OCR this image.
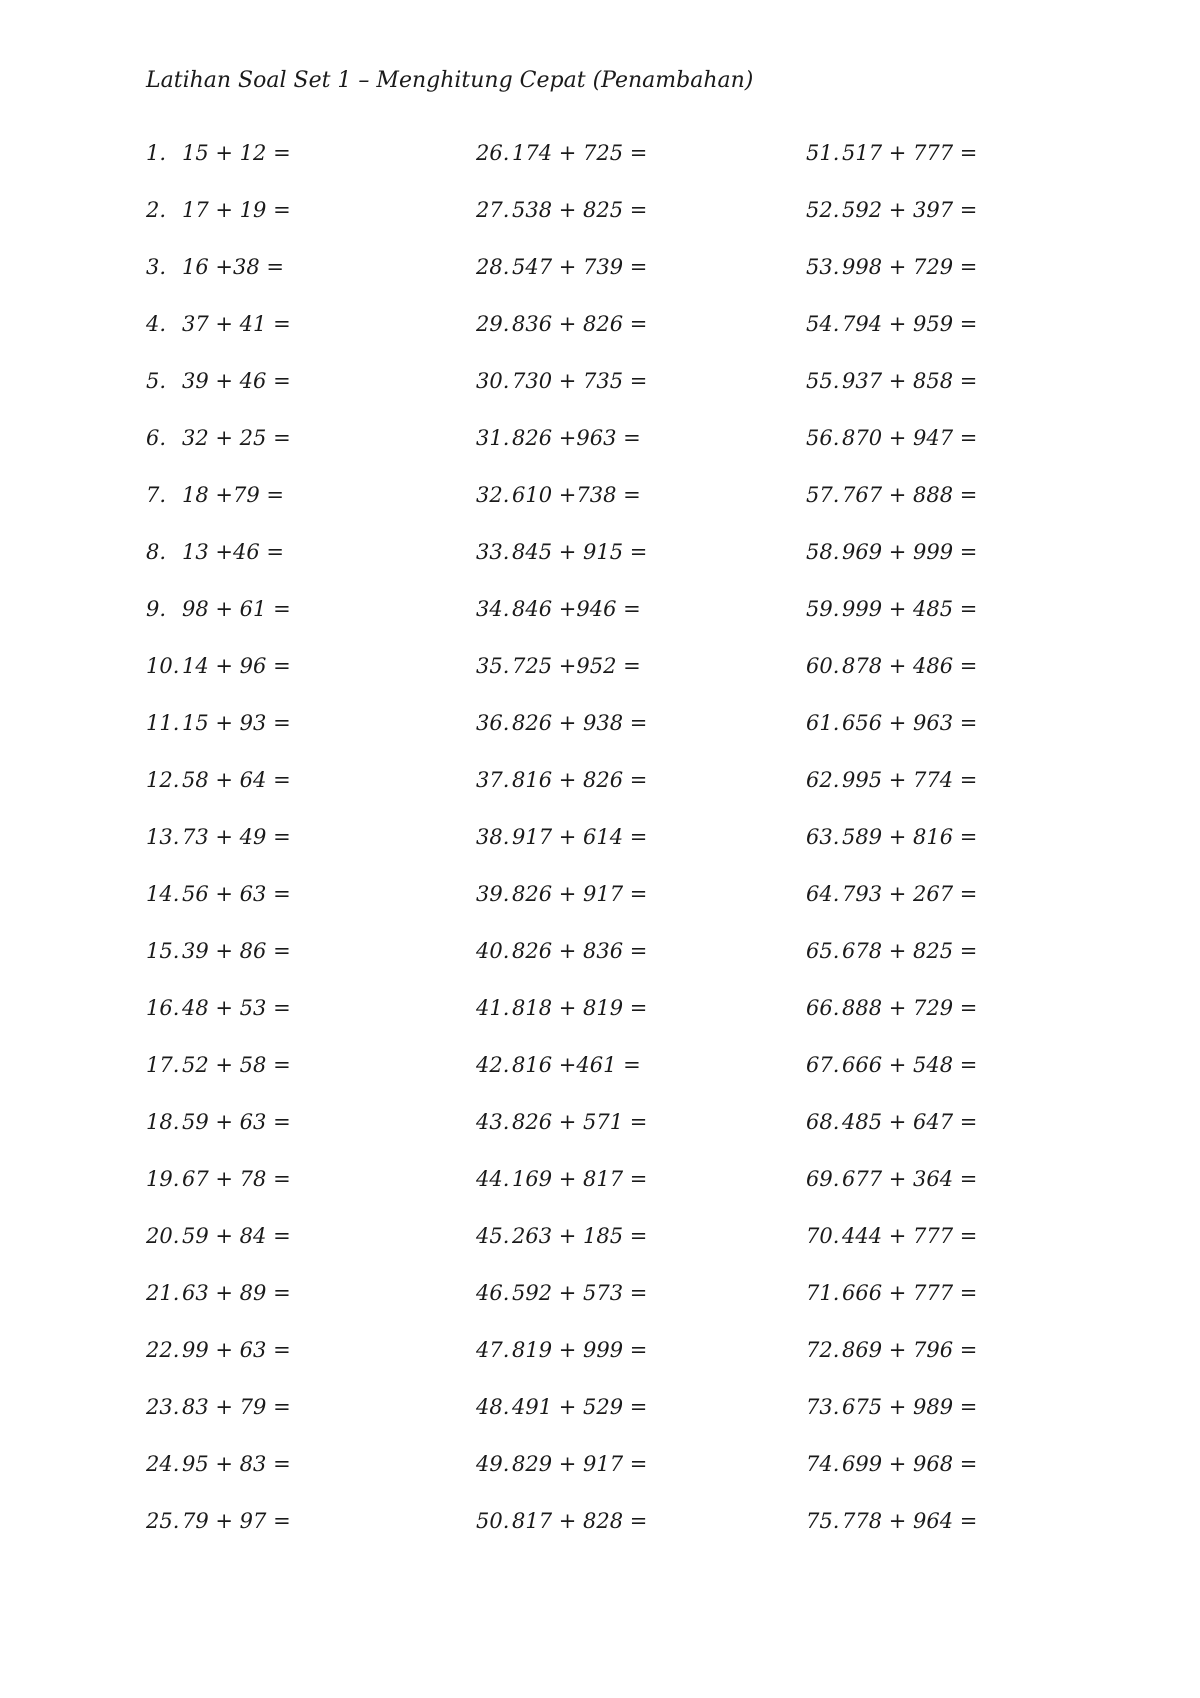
Latihan Soal Set 1 – Menghitung Cepat (Penambahan)
1. 15 + 12 =
2. 17 + 19 =
3. 16 +38 =
4. 37 + 41 =
5. 39 + 46 =
6. 32 + 25 =
7. 18 +79 =
8. 13 +46 =
9. 98 + 61 =
10. 14 + 96 =
11. 15 + 93 =
12. 58 + 64 =
13. 73 + 49 =
14. 56 + 63 =
15. 39 + 86 =
16. 48 + 53 =
17. 52 + 58 =
18. 59 + 63 =
19. 67 + 78 =
20. 59 + 84 =
21. 63 + 89 =
22. 99 + 63 =
23. 83 + 79 =
24. 95 + 83 =
25. 79 + 97 =
26. 174 + 725 =
27. 538 + 825 =
28. 547 + 739 =
29. 836 + 826 =
30. 730 + 735 =
31. 826 +963 =
32. 610 +738 =
33. 845 + 915 =
34. 846 +946 =
35. 725 +952 =
36. 826 + 938 =
37. 816 + 826 =
38. 917 + 614 =
39. 826 + 917 =
40. 826 + 836 =
41. 818 + 819 =
42. 816 +461 =
43. 826 + 571 =
44. 169 + 817 =
45. 263 + 185 =
46. 592 + 573 =
47. 819 + 999 =
48. 491 + 529 =
49. 829 + 917 =
50. 817 + 828 =
51. 517 + 777 =
52. 592 + 397 =
53. 998 + 729 =
54. 794 + 959 =
55. 937 + 858 =
56. 870 + 947 =
57. 767 + 888 =
58. 969 + 999 =
59. 999 + 485 =
60. 878 + 486 =
61. 656 + 963 =
62. 995 + 774 =
63. 589 + 816 =
64. 793 + 267 =
65. 678 + 825 =
66. 888 + 729 =
67. 666 + 548 =
68. 485 + 647 =
69. 677 + 364 =
70. 444 + 777 =
71. 666 + 777 =
72. 869 + 796 =
73. 675 + 989 =
74. 699 + 968 =
75. 778 + 964 =
